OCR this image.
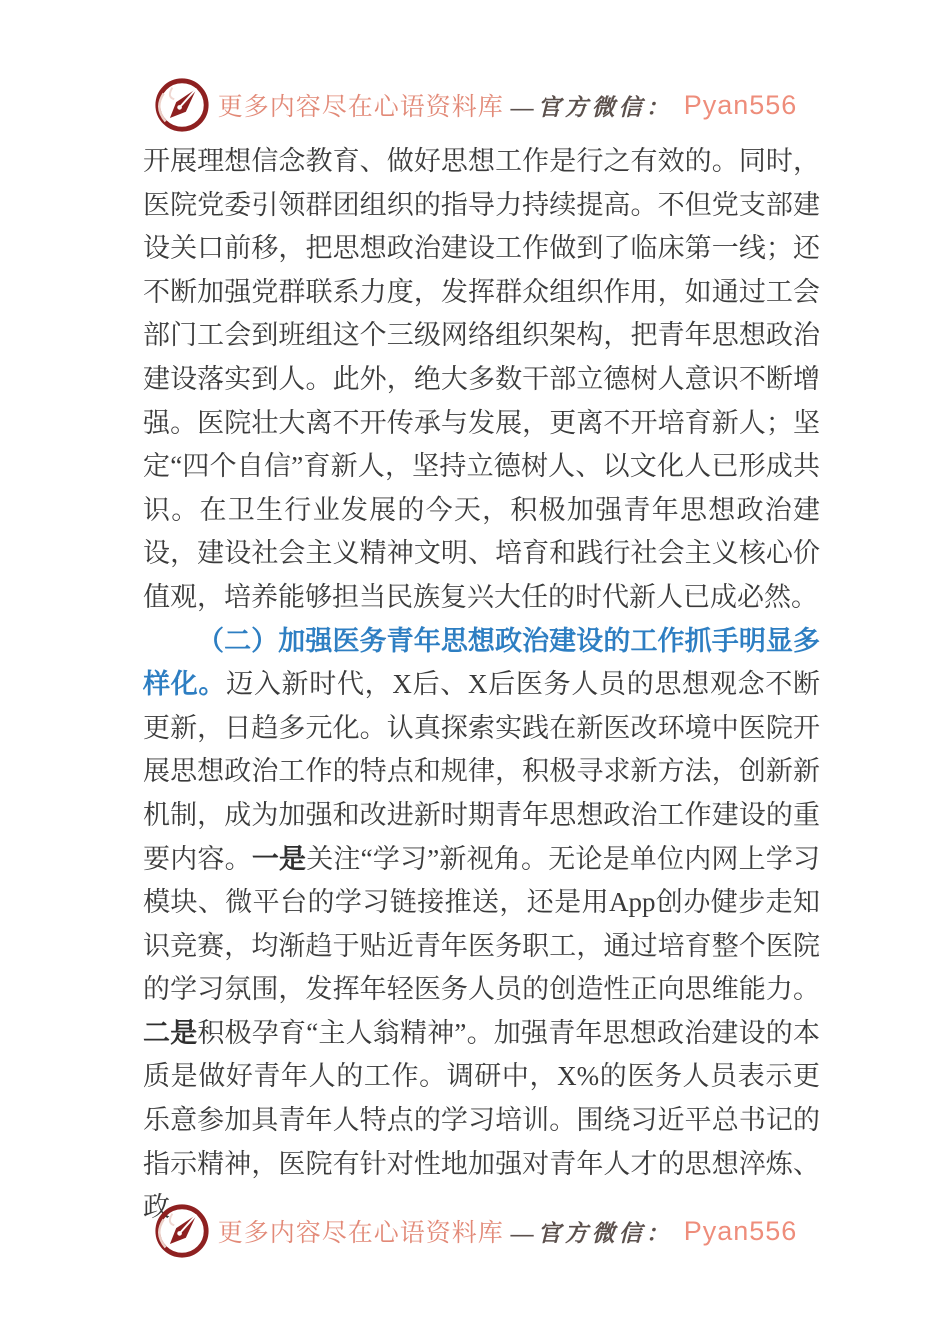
更多内容尽在心语资料库 —官方微信： Pyan556

开展理想信念教育、做好思想工作是行之有效的。同时，医院党委引领群团组织的指导力持续提高。不但党支部建设关口前移，把思想政治建设工作做到了临床第一线；还不断加强党群联系力度，发挥群众组织作用，如通过工会部门工会到班组这个三级网络组织架构，把青年思想政治建设落实到人。此外，绝大多数干部立德树人意识不断增强。医院壮大离不开传承与发展，更离不开培育新人；坚定“四个自信”育新人，坚持立德树人、以文化人已形成共识。在卫生行业发展的今天，积极加强青年思想政治建设，建设社会主义精神文明、培育和践行社会主义核心价值观，培养能够担当民族复兴大任的时代新人已成必然。

（二）加强医务青年思想政治建设的工作抓手明显多样化。迈入新时代，X后、X后医务人员的思想观念不断更新，日趋多元化。认真探索实践在新医改环境中医院开展思想政治工作的特点和规律，积极寻求新方法，创新新机制，成为加强和改进新时期青年思想政治工作建设的重要内容。一是关注“学习”新视角。无论是单位内网上学习模块、微平台的学习链接推送，还是用App创办健步走知识竞赛，均渐趋于贴近青年医务职工，通过培育整个医院的学习氛围，发挥年轻医务人员的创造性正向思维能力。二是积极孕育“主人翁精神”。加强青年思想政治建设的本质是做好青年人的工作。调研中，X%的医务人员表示更乐意参加具青年人特点的学习培训。围绕习近平总书记的指示精神，医院有针对性地加强对青年人才的思想淬炼、政

更多内容尽在心语资料库 —官方微信： Pyan556
